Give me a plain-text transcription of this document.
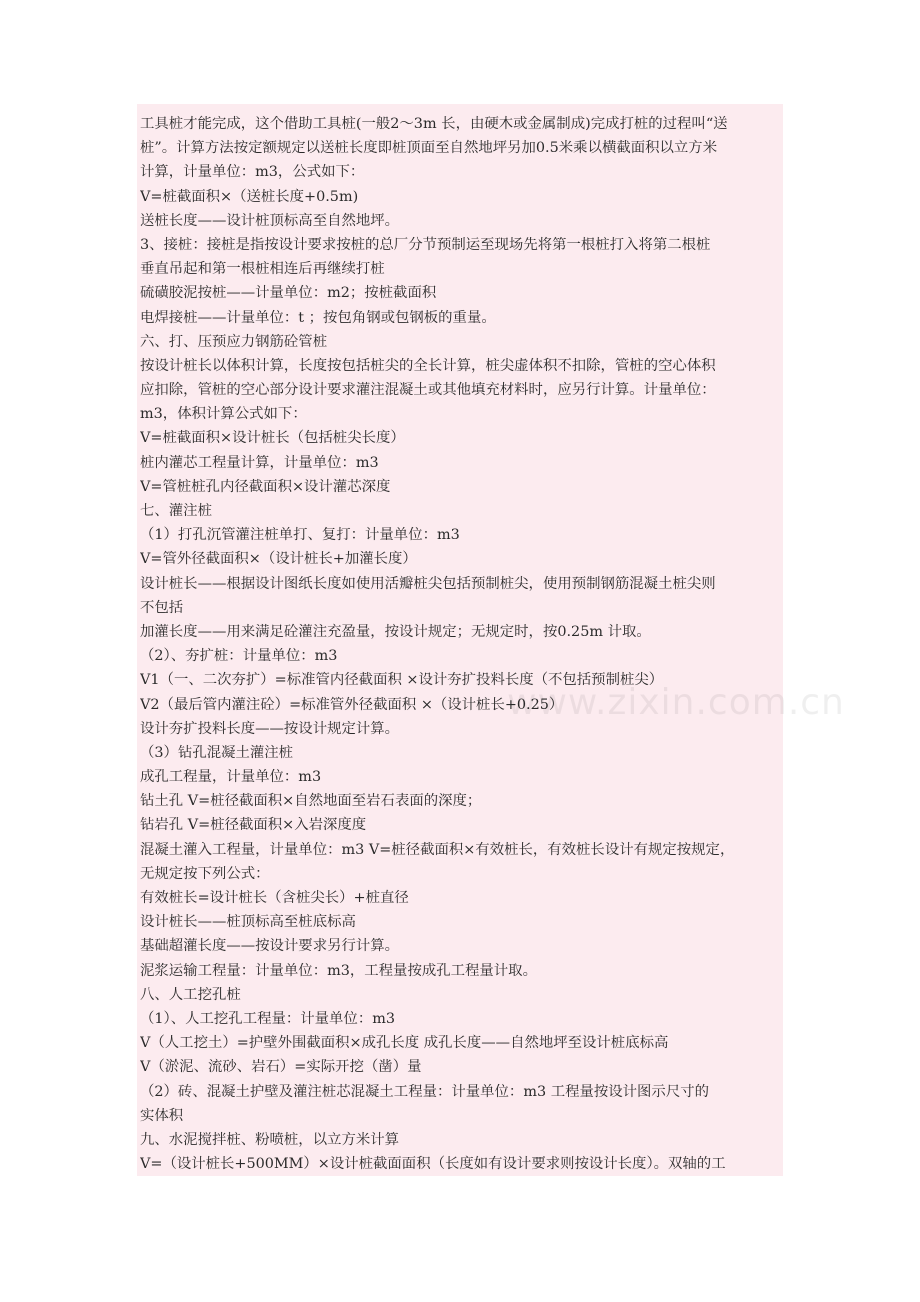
工具桩才能完成，这个借助工具桩(一般2～3m 长，由硬木或金属制成)完成打桩的过程叫“送
桩”。计算方法按定额规定以送桩长度即桩顶面至自然地坪另加0.5米乘以横截面积以立方米
计算，计量单位：m3，公式如下：
V=桩截面积×（送桩长度+0.5m)
送桩长度——设计桩顶标高至自然地坪。
3、接桩：接桩是指按设计要求按桩的总厂分节预制运至现场先将第一根桩打入将第二根桩
垂直吊起和第一根桩相连后再继续打桩
硫磺胶泥按桩——计量单位：m2；按桩截面积
电焊接桩——计量单位：t ；按包角钢或包钢板的重量。
六、打、压预应力钢筋砼管桩
按设计桩长以体积计算，长度按包括桩尖的全长计算，桩尖虚体积不扣除，管桩的空心体积
应扣除，管桩的空心部分设计要求灌注混凝土或其他填充材料时，应另行计算。计量单位：
m3，体积计算公式如下：
V=桩截面积×设计桩长（包括桩尖长度）
桩内灌芯工程量计算，计量单位：m3
V=管桩桩孔内径截面积×设计灌芯深度
七、灌注桩
（1）打孔沉管灌注桩单打、复打：计量单位：m3
V=管外径截面积×（设计桩长+加灌长度）
设计桩长——根据设计图纸长度如使用活瓣桩尖包括预制桩尖，使用预制钢筋混凝土桩尖则
不包括
加灌长度——用来满足砼灌注充盈量，按设计规定；无规定时，按0.25m 计取。
（2）、夯扩桩：计量单位：m3
V1（一、二次夯扩）=标准管内径截面积 ×设计夯扩投料长度（不包括预制桩尖）
V2（最后管内灌注砼）=标准管外径截面积 ×（设计桩长+0.25）
设计夯扩投料长度——按设计规定计算。
（3）钻孔混凝土灌注桩
成孔工程量，计量单位：m3
钻土孔 V=桩径截面积×自然地面至岩石表面的深度；
钻岩孔 V=桩径截面积×入岩深度度
混凝土灌入工程量，计量单位：m3 V=桩径截面积×有效桩长，有效桩长设计有规定按规定，
无规定按下列公式：
有效桩长=设计桩长（含桩尖长）+桩直径
设计桩长——桩顶标高至桩底标高
基础超灌长度——按设计要求另行计算。
泥浆运输工程量：计量单位：m3，工程量按成孔工程量计取。
八、人工挖孔桩
（1）、人工挖孔工程量：计量单位：m3
V（人工挖土）=护壁外围截面积×成孔长度 成孔长度——自然地坪至设计桩底标高
V（淤泥、流砂、岩石）=实际开挖（凿）量
（2）砖、混凝土护壁及灌注桩芯混凝土工程量：计量单位：m3 工程量按设计图示尺寸的
实体积
九、水泥搅拌桩、粉喷桩，以立方米计算
V=（设计桩长+500MM）×设计桩截面面积（长度如有设计要求则按设计长度）。双轴的工
www.zixin.com.cn
